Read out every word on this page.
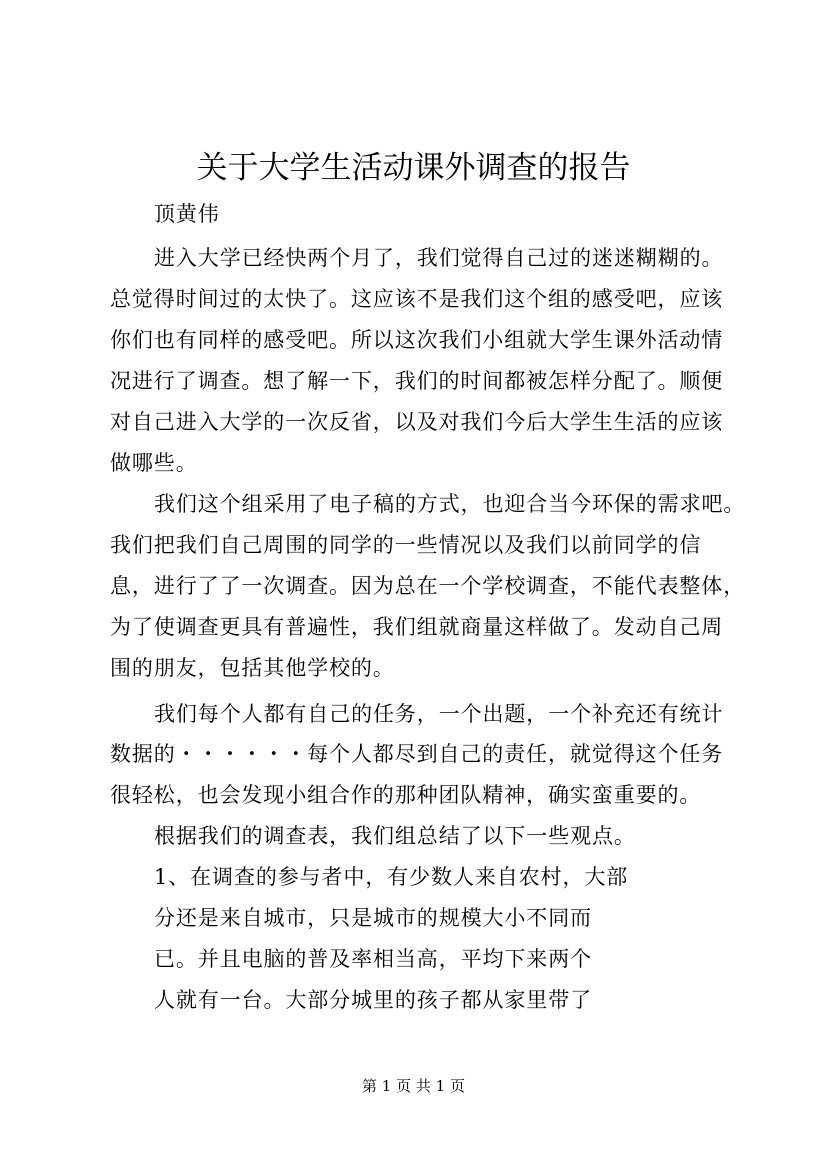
关于大学生活动课外调查的报告
顶黄伟
进入大学已经快两个月了，我们觉得自己过的迷迷糊糊的。
总觉得时间过的太快了。这应该不是我们这个组的感受吧，应该
你们也有同样的感受吧。所以这次我们小组就大学生课外活动情
况进行了调查。想了解一下，我们的时间都被怎样分配了。顺便
对自己进入大学的一次反省，以及对我们今后大学生生活的应该
做哪些。
我们这个组采用了电子稿的方式，也迎合当今环保的需求吧。
我们把我们自己周围的同学的一些情况以及我们以前同学的信
息，进行了了一次调查。因为总在一个学校调查，不能代表整体，
为了使调查更具有普遍性，我们组就商量这样做了。发动自己周
围的朋友，包括其他学校的。
我们每个人都有自己的任务，一个出题，一个补充还有统计
数据的・・・・・・每个人都尽到自己的责任，就觉得这个任务
很轻松，也会发现小组合作的那种团队精神，确实蛮重要的。
根据我们的调查表，我们组总结了以下一些观点。
1、在调查的参与者中，有少数人来自农村，大部
分还是来自城市，只是城市的规模大小不同而
已。并且电脑的普及率相当高，平均下来两个
人就有一台。大部分城里的孩子都从家里带了
第 1 页 共 1 页
